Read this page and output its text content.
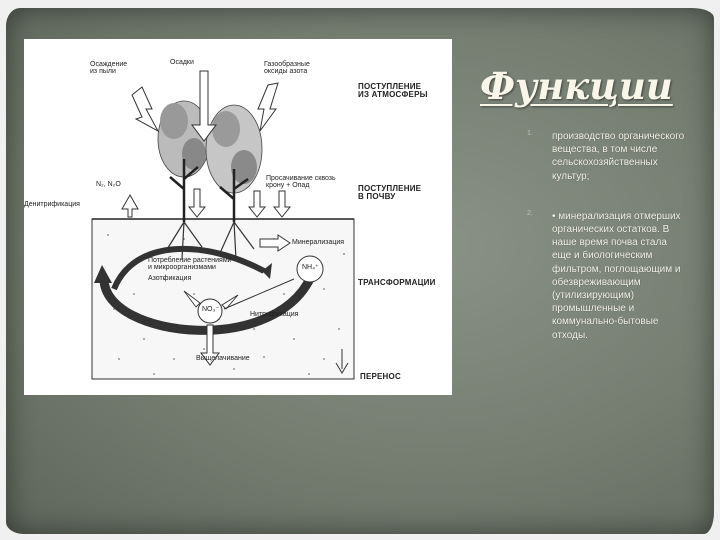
Осаждение
из пыли
Осадки	Газообразные
оксиды азота
ПОСТУПЛЕНИЕ
ИЗ АТМОСФЕРЫ
N₂, N₂O
Денитрификация
Просачивание сквозь
крону + Опад	ПОСТУПЛЕНИЕ
В ПОЧВУ
Минерализация
Потребление растениями
и микроорганизмами
Азотфикация
NH₄⁺
ТРАНСФОРМАЦИИ
NO₃⁻
Нитрификация
Выщелачивание
ПЕРЕНОС
Функции
1. производство органического вещества, в том числе сельскохозяйственных культур;
2. • минерализация отмерших органических остатков. В наше время почва стала еще и биологическим фильтром, поглощающим и обезвреживающим (утилизирующим) промышленные и коммунально-бытовые отходы.
